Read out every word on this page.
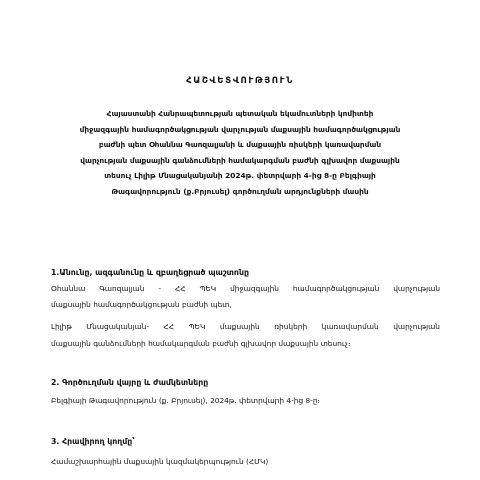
ՀԱՇՎԵՏՎՈՒԹՅՈՒՆ
Հայաստանի Հանրապետության պետական եկամուտների կոմիտեի
միջազգային համագործակցության վարչության մաքսային համագործակցության
բաժնի պետ Օհաննա Գաոզալյանի և մաքսային ռիսկերի կառավարման
վարչության մաքսային գանձումների համակարգման բաժնի գլխավոր մաքսային
տեսուչ Լիլիթ Մնացականյանի 2024թ. փետրվարի 4-ից 8-ը Բելգիայի
Թագավորություն (ք.Բրյուսել) գործուղման արդյունքների մասին
1.Անունը, ազգանունը և զբաղեցրած պաշտոնը
Օհաննա Գաոզալյան - ՀՀ ՊԵԿ միջազգային համագործակցության վարչության
մաքսային համագործակցության բաժնի պետ,
Լիլիթ Մնացականյան- ՀՀ ՊԵԿ մաքսային ռիսկերի կառավարման վարչության
մաքսային գանձումների համակարգման բաժնի գլխավոր մաքսային տեսուչ։
2. Գործուղման վայրը և ժամկետները
Բելգիայի Թագավորություն (ք. Բրյուսել), 2024թ. փետրվարի 4-ից 8-ը։
3. Հրավիրող կողմը՝
Համաշխարհային մաքսային կազմակերպություն (ՀՄԿ)
